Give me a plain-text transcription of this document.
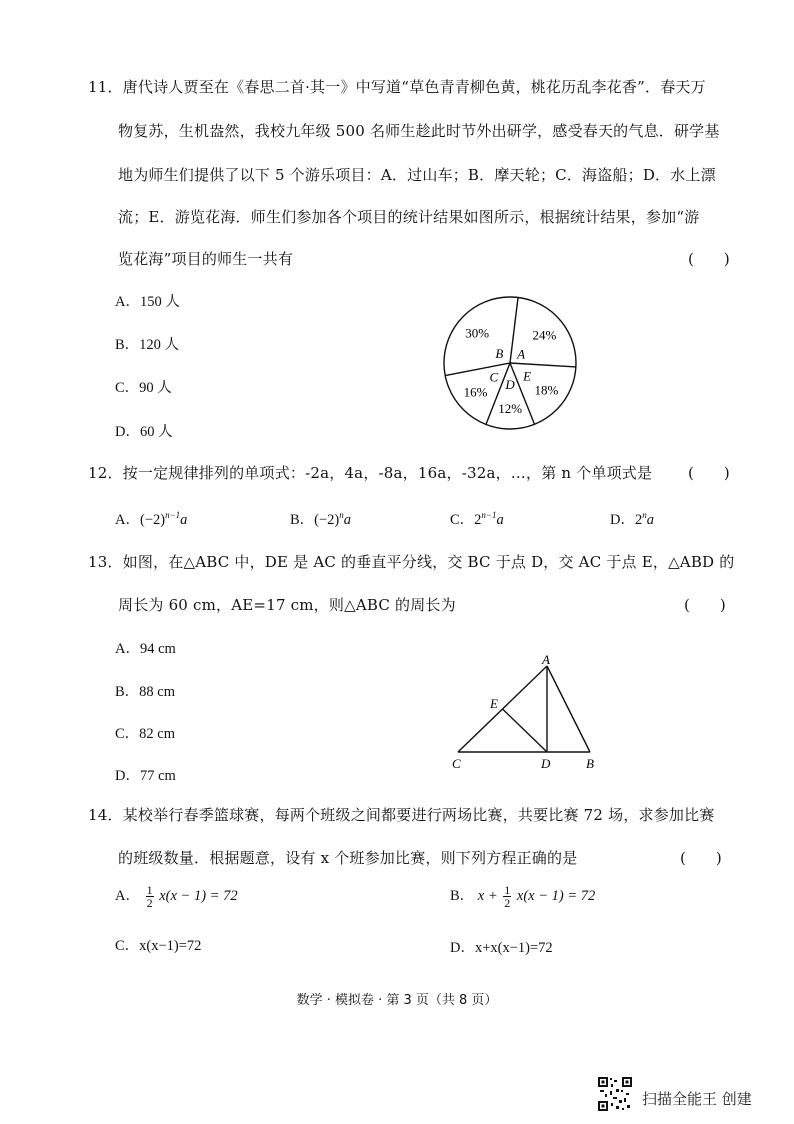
11．唐代诗人贾至在《春思二首·其一》中写道“草色青青柳色黄，桃花历乱李花香”．春天万
物复苏，生机盎然，我校九年级 500 名师生趁此时节外出研学，感受春天的气息．研学基
地为师生们提供了以下 5 个游乐项目：A．过山车；B．摩天轮；C．海盗船；D．水上漂
流；E．游览花海．师生们参加各个项目的统计结果如图所示，根据统计结果，参加“游
览花海”项目的师生一共有	(　　)
A．150 人
B．120 人
C．90 人
D．60 人
A
24%
E
18%
D
12%
C
16%
B
30%
12．按一定规律排列的单项式：-2a，4a，-8a，16a，-32a，…，第 n 个单项式是 (　　)
A．$(-2)^{n-1}a$	B．$(-2)^na$	C．$2^{n-1}a$	D．2$^n$a
13．如图，在△ABC 中，DE 是 AC 的垂直平分线，交 BC 于点 D，交 AC 于点 E，△ABD 的
周长为 60 cm，AE=17 cm，则△ABC 的周长为	(　　)
A．94 cm
B．88 cm
C．82 cm
D．77 cm
A
E
C	D	B
14．某校举行春季篮球赛，每两个班级之间都要进行两场比赛，共要比赛 72 场，求参加比赛
的班级数量．根据题意，设有 x 个班参加比赛，则下列方程正确的是	(　　)
A． $\frac{1}{2} x(x - 1) = 72$	B． $x + \frac{1}{2} x(x - 1) = 72$
C．x(x−1)=72	D．x+x(x−1)=72
数学 · 模拟卷 · 第 3 页（共 8 页）
扫描全能王 创建
